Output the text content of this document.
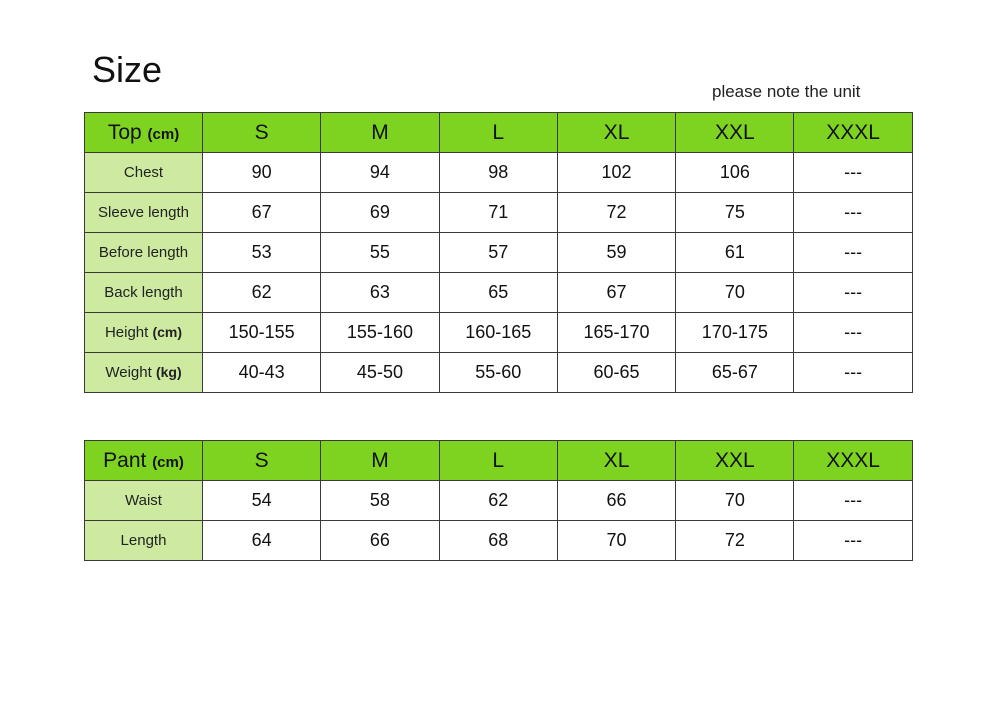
Size
please note the unit
Top (cm)	S	M	L	XL	XXL	XXXL
Chest	90	94	98	102	106	---
Sleeve length	67	69	71	72	75	---
Before length	53	55	57	59	61	---
Back length	62	63	65	67	70	---
Height (cm)	150-155	155-160	160-165	165-170	170-175	---
Weight (kg)	40-43	45-50	55-60	60-65	65-67	---
Pant (cm)	S	M	L	XL	XXL	XXXL
Waist	54	58	62	66	70	---
Length	64	66	68	70	72	---
